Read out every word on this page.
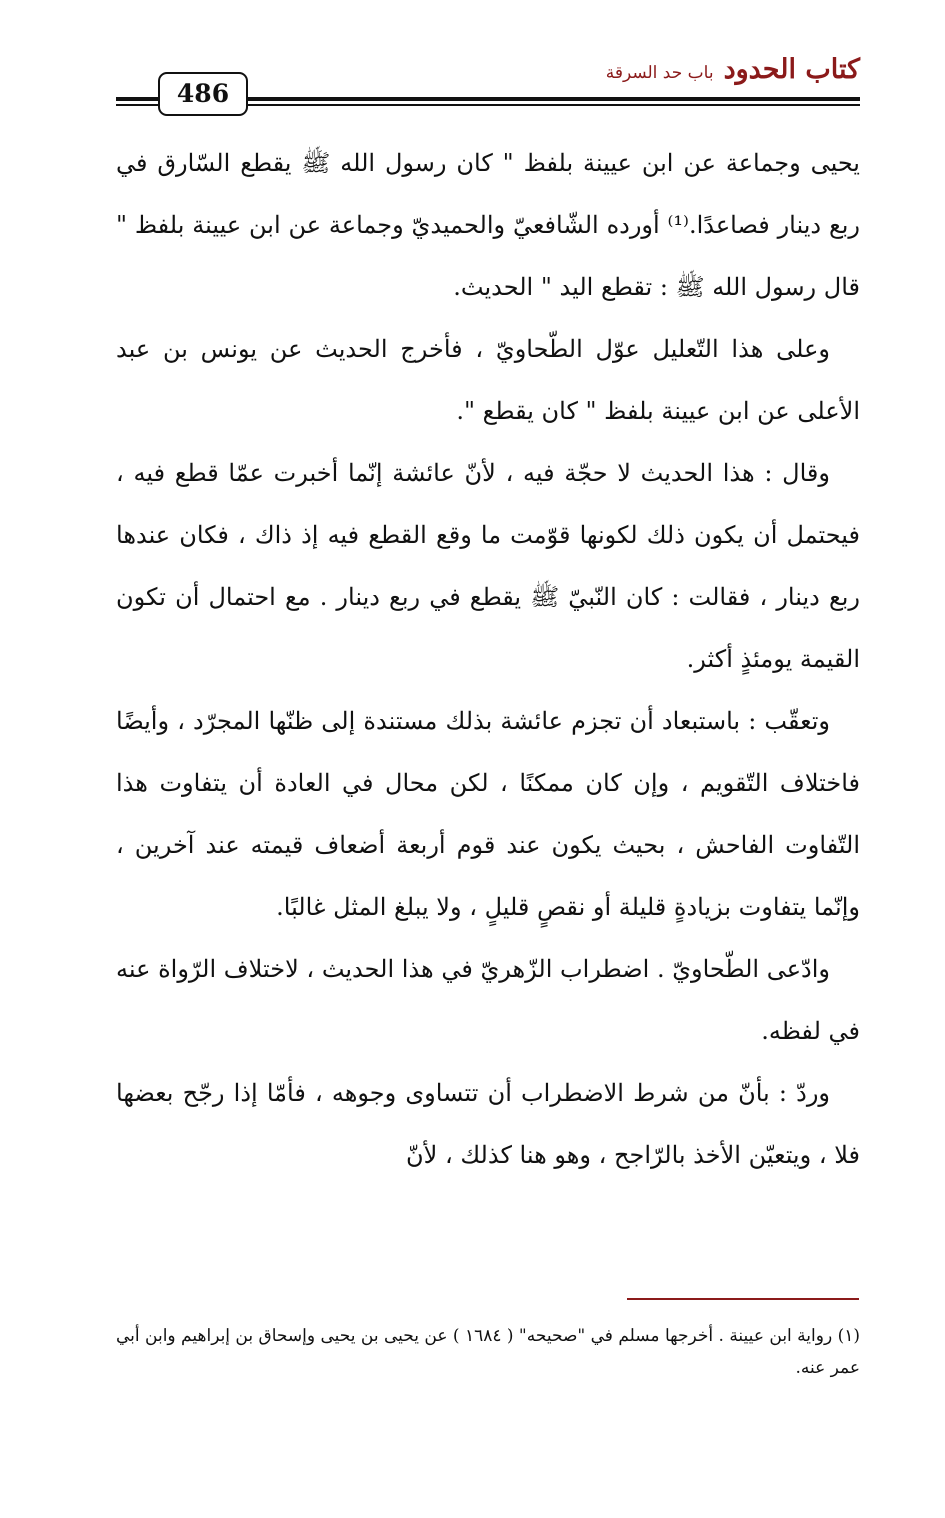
كتاب الحدودباب حد السرقة
486

يحيى وجماعة عن ابن عيينة بلفظ " كان رسول الله ﷺ يقطع السّارق في ربع دينار فصاعدًا.⁽¹⁾ أورده الشّافعيّ والحميديّ وجماعة عن ابن عيينة بلفظ " قال رسول الله ﷺ : تقطع اليد " الحديث.

وعلى هذا التّعليل عوّل الطّحاويّ ، فأخرج الحديث عن يونس بن عبد الأعلى عن ابن عيينة بلفظ " كان يقطع ".

وقال : هذا الحديث لا حجّة فيه ، لأنّ عائشة إنّما أخبرت عمّا قطع فيه ، فيحتمل أن يكون ذلك لكونها قوّمت ما وقع القطع فيه إذ ذاك ، فكان عندها ربع دينار ، فقالت : كان النّبيّ ﷺ يقطع في ربع دينار . مع احتمال أن تكون القيمة يومئذٍ أكثر.

وتعقّب : باستبعاد أن تجزم عائشة بذلك مستندة إلى ظنّها المجرّد ، وأيضًا فاختلاف التّقويم ، وإن كان ممكنًا ، لكن محال في العادة أن يتفاوت هذا التّفاوت الفاحش ، بحيث يكون عند قوم أربعة أضعاف قيمته عند آخرين ، وإنّما يتفاوت بزيادةٍ قليلة أو نقصٍ قليلٍ ، ولا يبلغ المثل غالبًا.

وادّعى الطّحاويّ . اضطراب الزّهريّ في هذا الحديث ، لاختلاف الرّواة عنه في لفظه.

وردّ : بأنّ من شرط الاضطراب أن تتساوى وجوهه ، فأمّا إذا رجّح بعضها فلا ، ويتعيّن الأخذ بالرّاجح ، وهو هنا كذلك ، لأنّ

(١) رواية ابن عيينة . أخرجها مسلم في "صحيحه" ( ١٦٨٤ ) عن يحيى بن يحيى وإسحاق بن إبراهيم وابن أبي عمر عنه.
